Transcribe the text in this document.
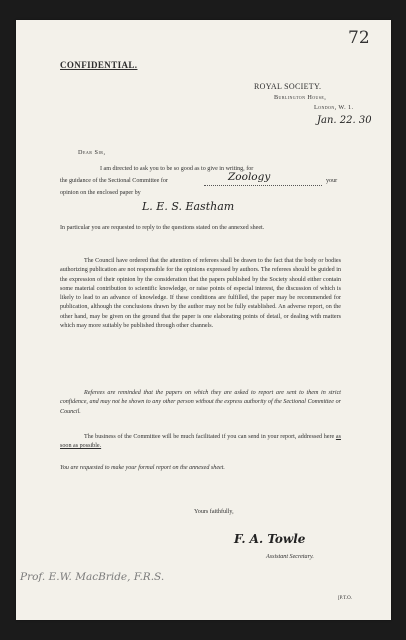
72
CONFIDENTIAL.
ROYAL SOCIETY.
Burlington House,
London, W. 1.
Jan. 22. 30
Dear Sir,
I am directed to ask you to be so good as to give in writing, for
the guidance of the Sectional Committee for	Zoology	your
opinion on the enclosed paper by
L. E. S. Eastham
In particular you are requested to reply to the questions stated on the annexed sheet.
The Council have ordered that the attention of referees shall be drawn to the fact that the body or bodies authorizing publication are not responsible for the opinions expressed by authors. The referees should be guided in the expression of their opinion by the consideration that the papers published by the Society should either contain some material contribution to scientific knowledge, or raise points of especial interest, the discussion of which is likely to lead to an advance of knowledge. If these conditions are fulfilled, the paper may be recommended for publication, although the conclusions drawn by the author may not be fully established. An adverse report, on the other hand, may be given on the ground that the paper is one elaborating points of detail, or dealing with matters which may more suitably be published through other channels.
Referees are reminded that the papers on which they are asked to report are sent to them in strict confidence, and may not be shown to any other person without the express authority of the Sectional Committee or Council.
The business of the Committee will be much facilitated if you can send in your report, addressed here as soon as possible.
You are requested to make your formal report on the annexed sheet.
Yours faithfully,
F. A. Towle
Assistant Secretary.
Prof. E.W. MacBride, F.R.S.
[P.T.O.
